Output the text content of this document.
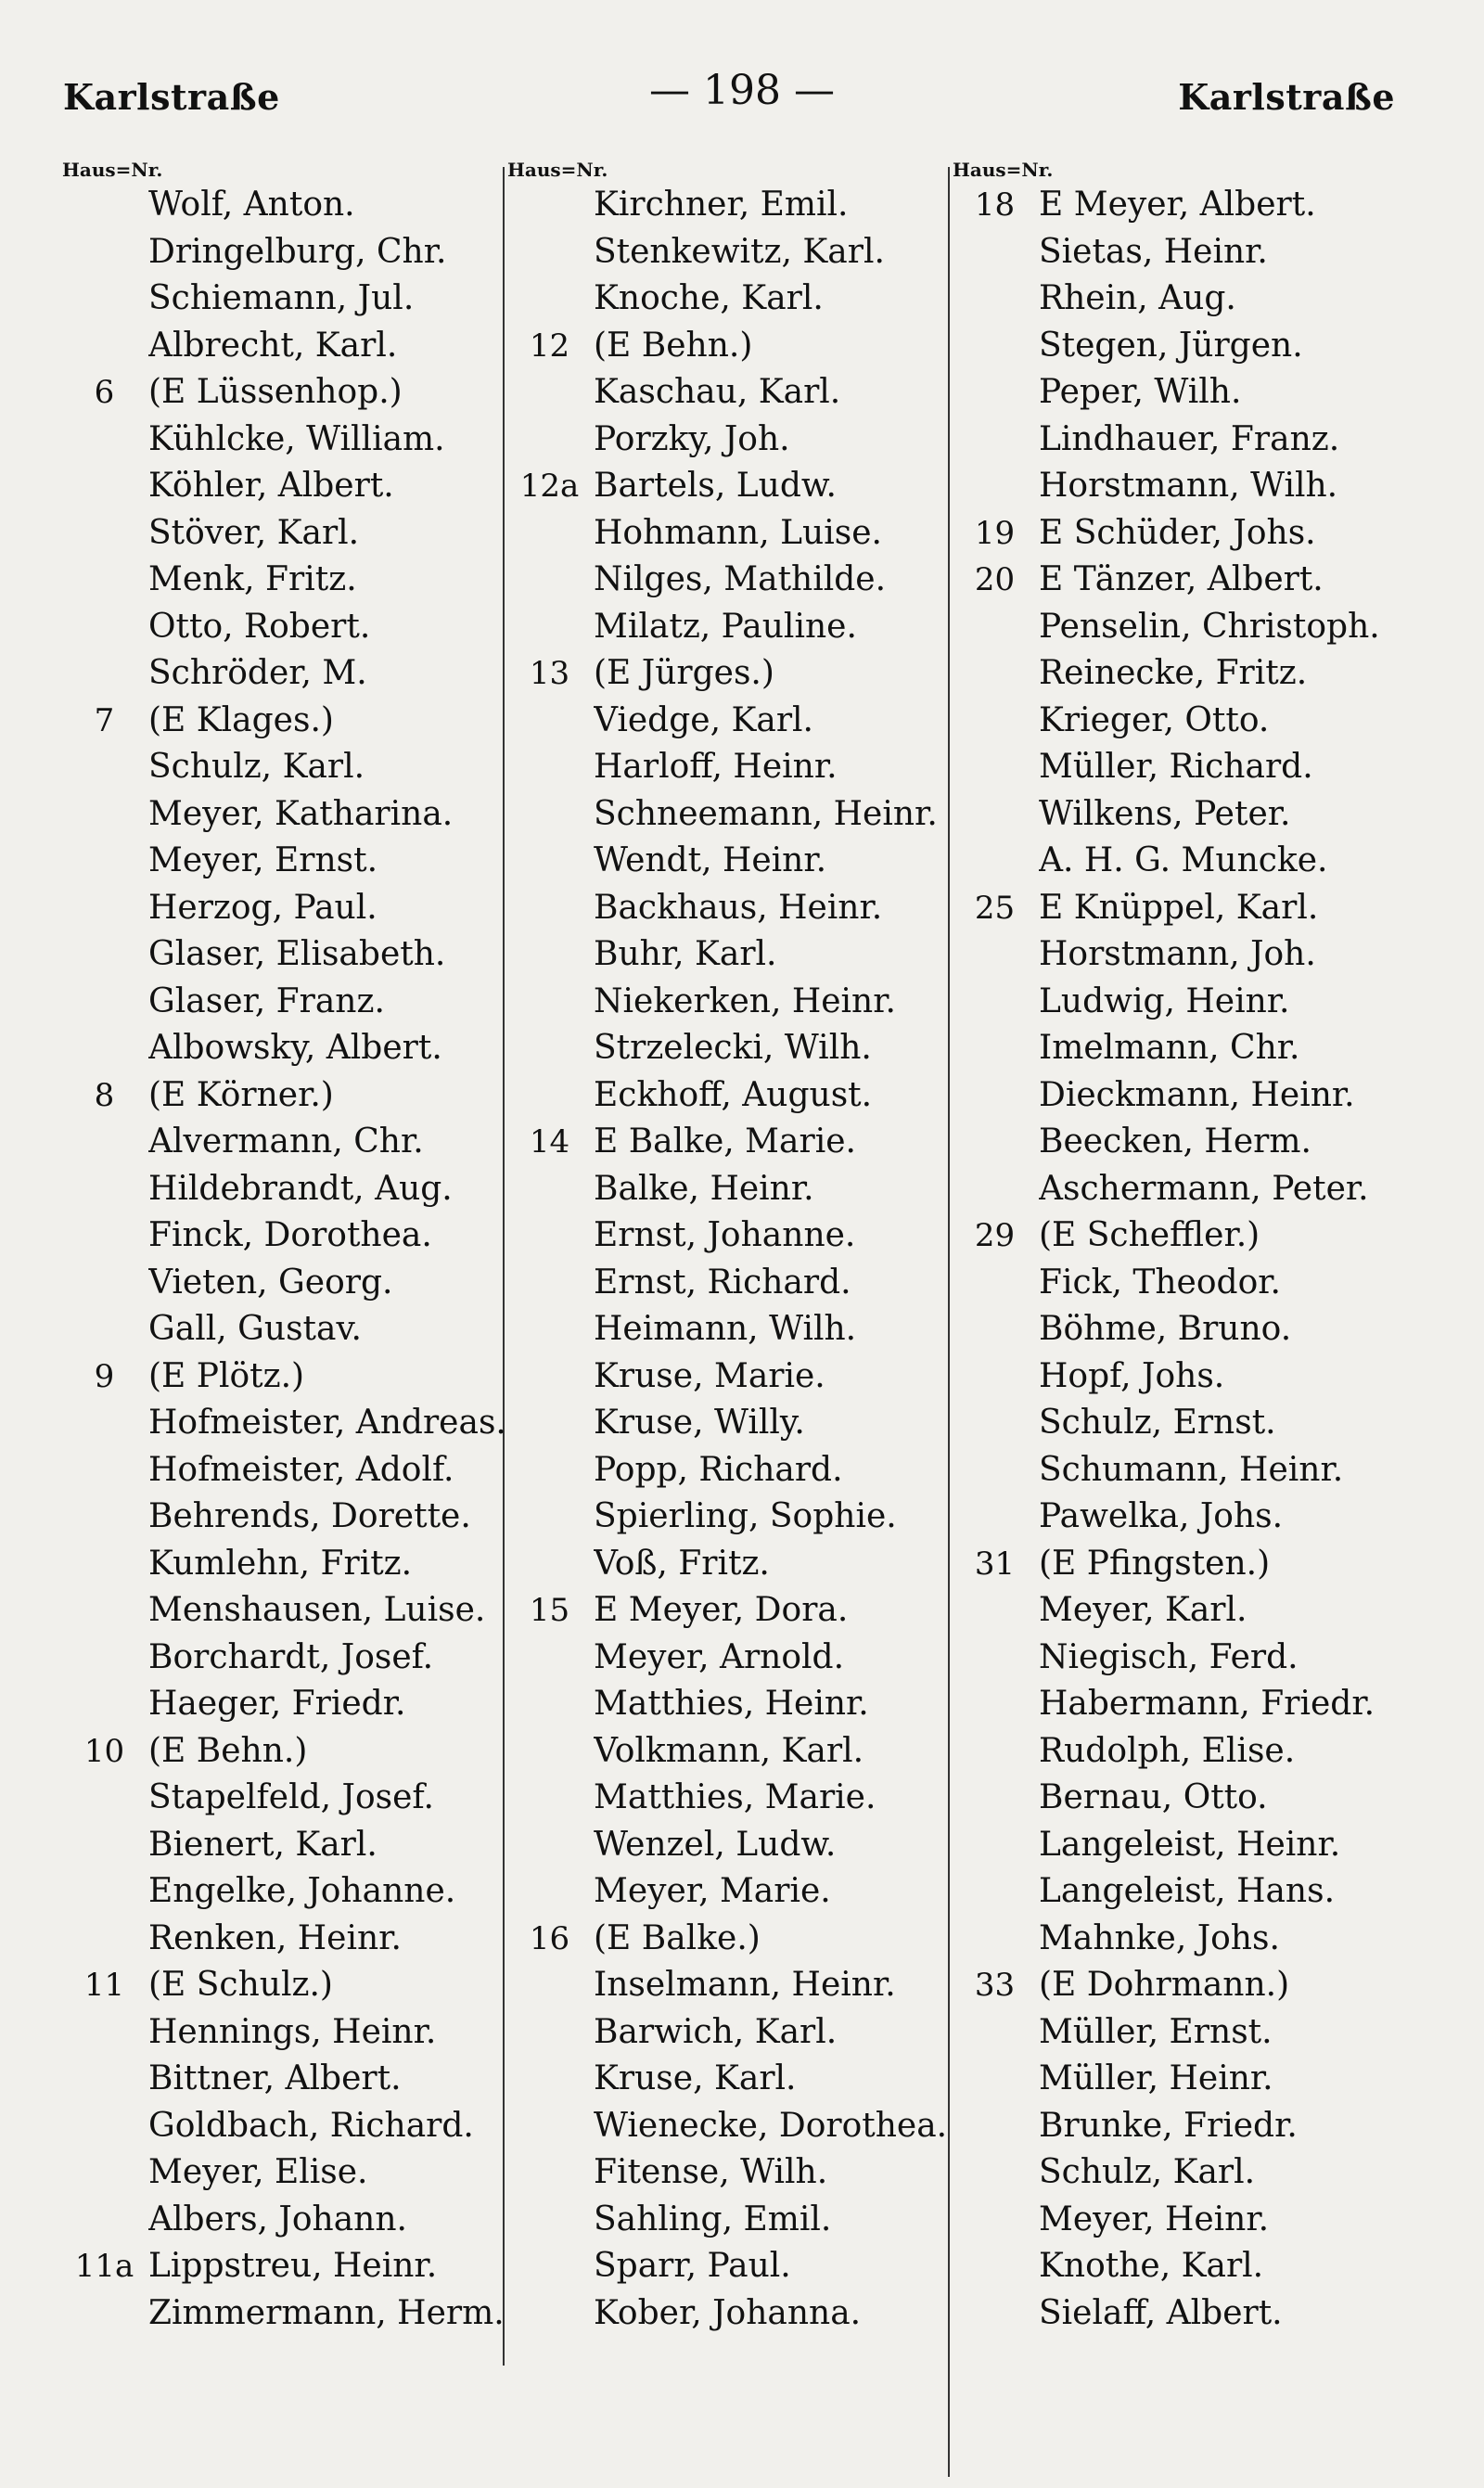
Karlstraße	— 198 —	Karlstraße
Haus=Nr.
Wolf, Anton.
Dringelburg, Chr.
Schiemann, Jul.
Albrecht, Karl.
6	(E Lüssenhop.)
Kühlcke, William.
Köhler, Albert.
Stöver, Karl.
Menk, Fritz.
Otto, Robert.
Schröder, M.
7	(E Klages.)
Schulz, Karl.
Meyer, Katharina.
Meyer, Ernst.
Herzog, Paul.
Glaser, Elisabeth.
Glaser, Franz.
Albowsky, Albert.
8	(E Körner.)
Alvermann, Chr.
Hildebrandt, Aug.
Finck, Dorothea.
Vieten, Georg.
Gall, Gustav.
9	(E Plötz.)
Hofmeister, Andreas.
Hofmeister, Adolf.
Behrends, Dorette.
Kumlehn, Fritz.
Menshausen, Luise.
Borchardt, Josef.
Haeger, Friedr.
10 (E Behn.)
Stapelfeld, Josef.
Bienert, Karl.
Engelke, Johanne.
Renken, Heinr.
11 (E Schulz.)
Hennings, Heinr.
Bittner, Albert.
Goldbach, Richard.
Meyer, Elise.
Albers, Johann.
11a Lippstreu, Heinr.
Zimmermann, Herm.
Haus=Nr.
Kirchner, Emil.
Stenkewitz, Karl.
Knoche, Karl.
12 (E Behn.)
Kaschau, Karl.
Porzky, Joh.
12a Bartels, Ludw.
Hohmann, Luise.
Nilges, Mathilde.
Milatz, Pauline.
13 (E Jürges.)
Viedge, Karl.
Harloff, Heinr.
Schneemann, Heinr.
Wendt, Heinr.
Backhaus, Heinr.
Buhr, Karl.
Niekerken, Heinr.
Strzelecki, Wilh.
Eckhoff, August.
14 E Balke, Marie.
Balke, Heinr.
Ernst, Johanne.
Ernst, Richard.
Heimann, Wilh.
Kruse, Marie.
Kruse, Willy.
Popp, Richard.
Spierling, Sophie.
Voß, Fritz.
15 E Meyer, Dora.
Meyer, Arnold.
Matthies, Heinr.
Volkmann, Karl.
Matthies, Marie.
Wenzel, Ludw.
Meyer, Marie.
16 (E Balke.)
Inselmann, Heinr.
Barwich, Karl.
Kruse, Karl.
Wienecke, Dorothea.
Fitense, Wilh.
Sahling, Emil.
Sparr, Paul.
Kober, Johanna.
Haus=Nr.
18 E Meyer, Albert.
Sietas, Heinr.
Rhein, Aug.
Stegen, Jürgen.
Peper, Wilh.
Lindhauer, Franz.
Horstmann, Wilh.
19 E Schüder, Johs.
20 E Tänzer, Albert.
Penselin, Christoph.
Reinecke, Fritz.
Krieger, Otto.
Müller, Richard.
Wilkens, Peter.
A. H. G. Muncke.
25 E Knüppel, Karl.
Horstmann, Joh.
Ludwig, Heinr.
Imelmann, Chr.
Dieckmann, Heinr.
Beecken, Herm.
Aschermann, Peter.
29 (E Scheffler.)
Fick, Theodor.
Böhme, Bruno.
Hopf, Johs.
Schulz, Ernst.
Schumann, Heinr.
Pawelka, Johs.
31 (E Pfingsten.)
Meyer, Karl.
Niegisch, Ferd.
Habermann, Friedr.
Rudolph, Elise.
Bernau, Otto.
Langeleist, Heinr.
Langeleist, Hans.
Mahnke, Johs.
33 (E Dohrmann.)
Müller, Ernst.
Müller, Heinr.
Brunke, Friedr.
Schulz, Karl.
Meyer, Heinr.
Knothe, Karl.
Sielaff, Albert.
